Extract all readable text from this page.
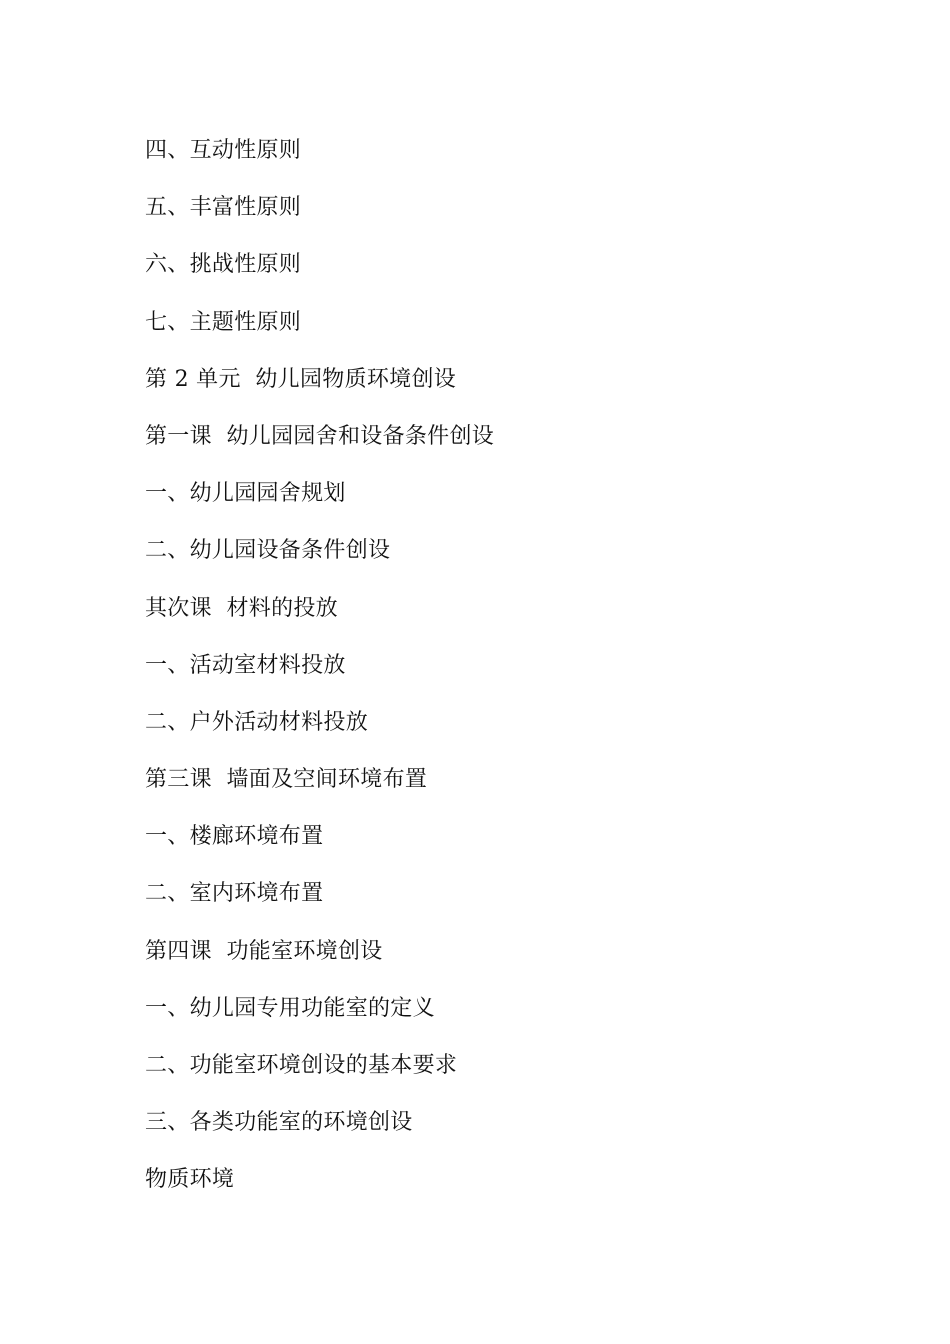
四、互动性原则
五、丰富性原则
六、挑战性原则
七、主题性原则
第 2 单元  幼儿园物质环境创设
第一课  幼儿园园舍和设备条件创设
一、幼儿园园舍规划
二、幼儿园设备条件创设
其次课  材料的投放
一、活动室材料投放
二、户外活动材料投放
第三课  墙面及空间环境布置
一、楼廊环境布置
二、室内环境布置
第四课  功能室环境创设
一、幼儿园专用功能室的定义
二、功能室环境创设的基本要求
三、各类功能室的环境创设
物质环境
